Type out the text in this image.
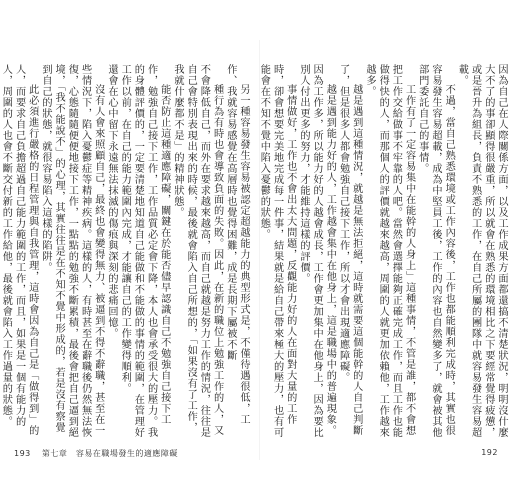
另一種容易發生容易被認定超越能力的典型形式是，不僅待遇很低，工作、我就容易感覺在高層時也覺得困難，成是長期下屬被不斷
種行為有時也會導致負面的失敗。因此，在新的職位上勉強工作的人，又不會降低自己，而外在要求越來越高，而自己就越是努力工作的情況，往往是自己會特別表現出來的時候，最後就會陷入自己所想的，「如果沒有了工作，我就什麼都不是」的精神狀態。
能否防止這種適應障礙，關鍵在於能否儘早認識自己不勉強自己接下工作，勉強自己接下工作，工作品質必定會下降，本人也會承受很大的壓力。我的身體評價的，一定要清楚地知道自己能做和不能做的事情的範圍，在管理好工作以前，在自己的能力範圍內完成，才能讓自己的工作變得順利。
還會在心中留下永遠無法抹滅的傷痕與深刻的悲痛回憶。
沒有人會來照顧自己，最終也會變得無力、被逼到不得不辭職，甚至在一些情況下，陷入憂鬱症等精神疾病。這樣的人，有時甚至在辭職後仍然無法恢復，心態隨隨便便地接下工作，一點點的勉強不斷累積，最後會把自己逼到絕境，「我不能說不」的心理，其實往往是在不知不覺中形成的，若是沒有察覺到自己的狀態，就很容易陷入這樣的陷阱。
此必須進行嚴格的日程管理與自我管理，這時會因為自己是「做得到」的人，而要求自己負擔超過自己能力範圍的工作，而且，如果是一個有能力的人，周圍的人也會不斷交付新的工作給他，最後就會陷入工作過量的狀態。	因為自己在人際關係方面，以及工作成果方面都還搞不清楚狀況，明明沒什麼大不了的事卻顯得很嚴重，所以就會在熟悉的環境相比之下要經常覺得疲憊，或是晉升為組長，負責不熟悉的工作，在自己所屬的團隊中就容易發生容易超載。
不過，當自己熟悉環境或工作內容後，工作也都能順利完成時，其實也很容易發生容易超載，成為中堅員工後，工作的內容也自然變多了，就會被其他部門委託自己的事情。
工作有了一定容易集中在能幹的人身上」這種事情，不管是誰，都不會想把工作交給做事不牢靠的人吧。當然會選擇能夠正確完成工作，而且工作也能做得快的人，而那個人的評價就越來越高，周圍的人就更加依賴他，工作越來越多。
越是遇到這種情況，就越是無法拒絕，這時就需要這個能幹的人自己判斷了，但是很多人都會勉強自己接下工作，所以才會出現適應障礙。
越是遇到能力好的人，工作越會集中在他身上，這是職場中的普遍現象。因為工作多，所以能力好的人越會成長，工作會更加集中在他身上，因為要比別人付出更多的努力，才能維持這樣的評價。
事情做好，工作也不會出太大問題，反觀能力好的人在面對大量的工作時，卻會想要完美地完成每一件事，結果就是給自己帶來極大的壓力，也有可能會在不知不覺中陷入憂鬱的狀態。
193 第七章　容易在職場發生的適應障礙	192
